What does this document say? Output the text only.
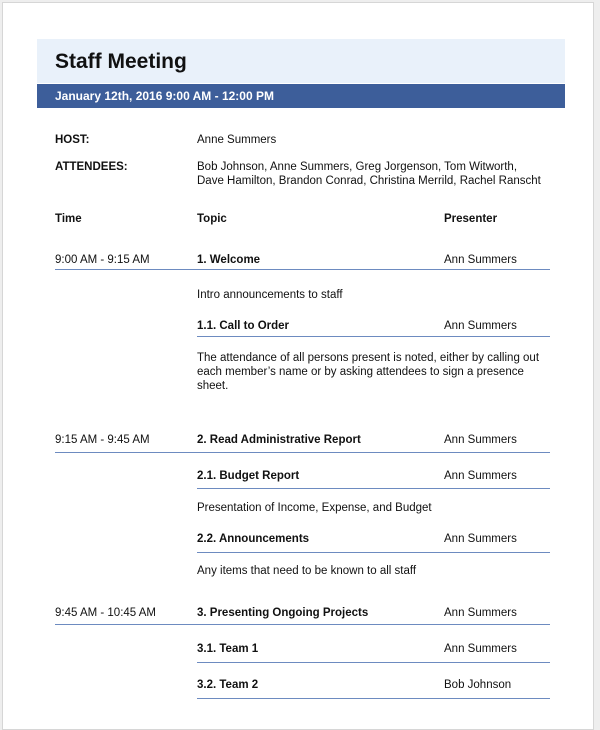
Staff Meeting
January 12th, 2016 9:00 AM - 12:00 PM
HOST:	Anne Summers
ATTENDEES:	Bob Johnson, Anne Summers, Greg Jorgenson, Tom Witworth,
Dave Hamilton, Brandon Conrad, Christina Merrild, Rachel Ranscht
Time	Topic	Presenter
9:00 AM - 9:15 AM	1. Welcome	Ann Summers
Intro announcements to staff
1.1. Call to Order	Ann Summers
The attendance of all persons present is noted, either by calling out
each member’s name or by asking attendees to sign a presence
sheet.
9:15 AM - 9:45 AM	2. Read Administrative Report	Ann Summers
2.1. Budget Report	Ann Summers
Presentation of Income, Expense, and Budget
2.2. Announcements	Ann Summers
Any items that need to be known to all staff
9:45 AM - 10:45 AM	3. Presenting Ongoing Projects	Ann Summers
3.1. Team 1	Ann Summers
3.2. Team 2	Bob Johnson
